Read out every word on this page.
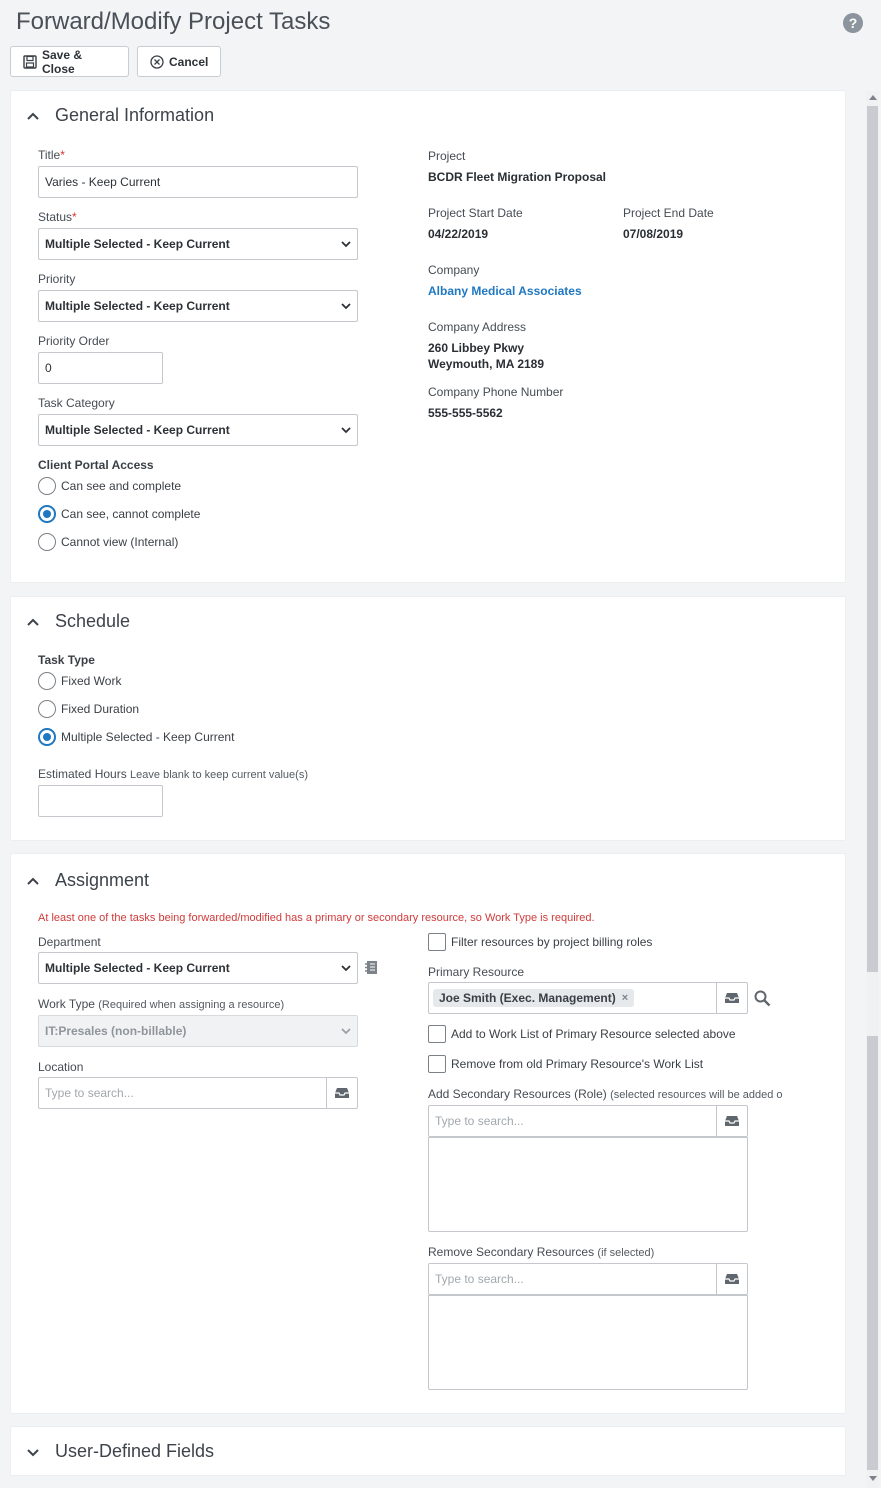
Forward/Modify Project Tasks	?
Save & Close	Cancel
General Information
Title*
Varies - Keep Current
Status*
Multiple Selected - Keep Current
Priority
Multiple Selected - Keep Current
Priority Order
0
Task Category
Multiple Selected - Keep Current
Client Portal Access
Can see and complete
Can see, cannot complete
Cannot view (Internal)
Project
BCDR Fleet Migration Proposal
Project Start Date
04/22/2019
Project End Date
07/08/2019
Company
Albany Medical Associates
Company Address
260 Libbey Pkwy
Weymouth, MA 2189
Company Phone Number
555-555-5562
Schedule
Task Type
Fixed Work
Fixed Duration
Multiple Selected - Keep Current
Estimated Hours Leave blank to keep current value(s)
Assignment
At least one of the tasks being forwarded/modified has a primary or secondary resource, so Work Type is required.
Department
Multiple Selected - Keep Current
Work Type (Required when assigning a resource)
IT:Presales (non-billable)
Location
Type to search...
Filter resources by project billing roles
Primary Resource
Joe Smith (Exec. Management) ×
Add to Work List of Primary Resource selected above
Remove from old Primary Resource's Work List
Add Secondary Resources (Role) (selected resources will be added o
Type to search...
Remove Secondary Resources (if selected)
Type to search...
User-Defined Fields
